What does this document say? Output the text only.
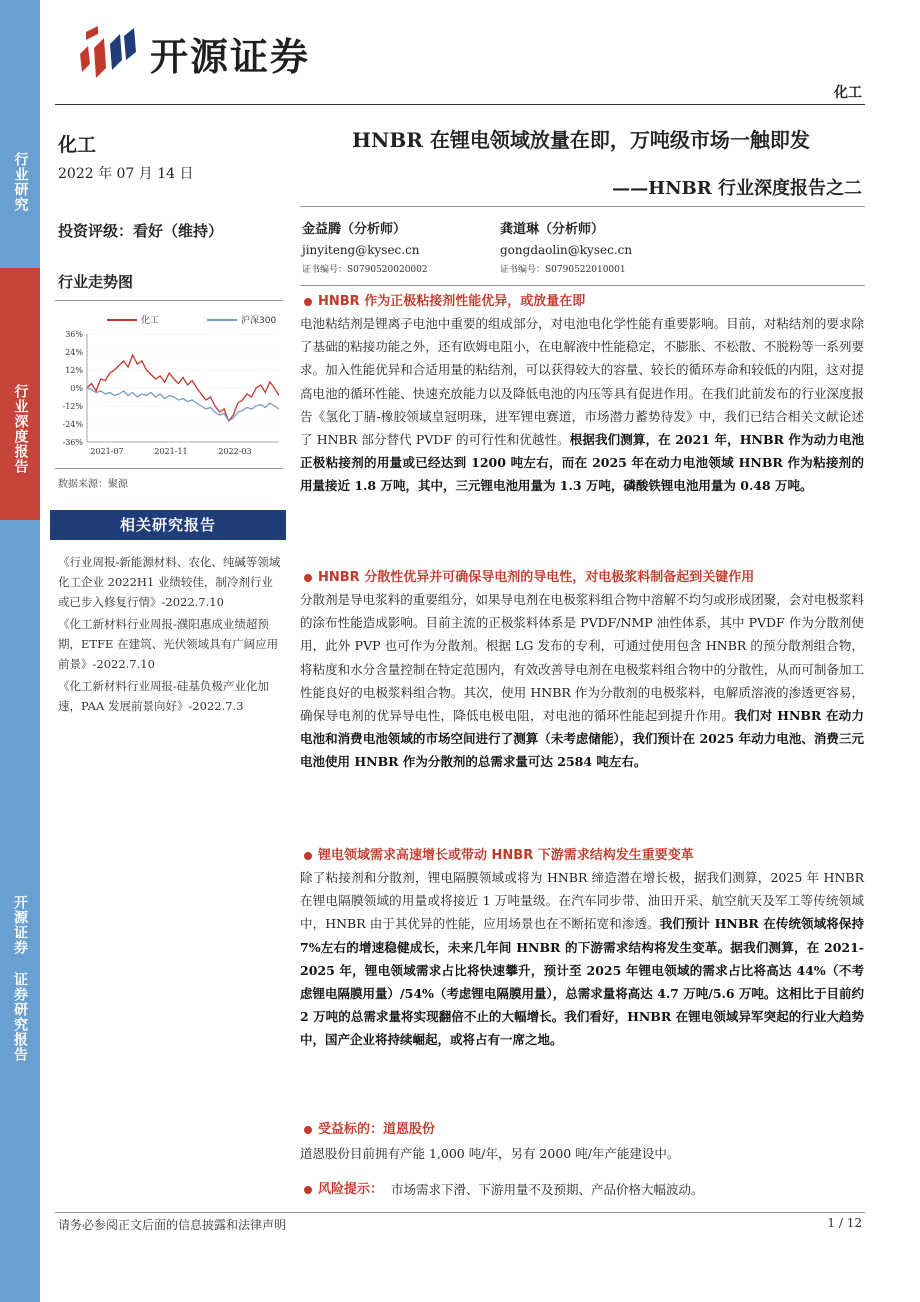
行业研究
行业深度报告
开源证券 证券研究报告
开源证券
化工
化工
2022 年 07 月 14 日
投资评级：看好（维持）
行业走势图
36%
24%
12%
0%
-12%
-24%
-36%
2021-07	2021-11	2022-03
化工	沪深300
数据来源：聚源
相关研究报告
《行业周报-新能源材料、农化、纯碱等领域化工企业 2022H1 业绩较佳，制冷剂行业或已步入修复行情》-2022.7.10
《化工新材料行业周报-濮阳惠成业绩超预期，ETFE 在建筑、光伏领域具有广阔应用前景》-2022.7.10
《化工新材料行业周报-硅基负极产业化加速，PAA 发展前景向好》-2022.7.3
HNBR 在锂电领域放量在即，万吨级市场一触即发
——HNBR 行业深度报告之二
金益腾（分析师）
jinyiteng@kysec.cn
证书编号：S0790520020002
龚道琳（分析师）
gongdaolin@kysec.cn
证书编号：S0790522010001
HNBR 作为正极粘接剂性能优异，或放量在即
电池粘结剂是锂离子电池中重要的组成部分，对电池电化学性能有重要影响。目前，对粘结剂的要求除了基础的粘接功能之外，还有欧姆电阻小，在电解液中性能稳定，不膨胀、不松散、不脱粉等一系列要求。加入性能优异和合适用量的粘结剂，可以获得较大的容量、较长的循环寿命和较低的内阻，这对提高电池的循环性能、快速充放能力以及降低电池的内压等具有促进作用。在我们此前发布的行业深度报告《氢化丁腈-橡胶领域皇冠明珠，进军锂电赛道，市场潜力蓄势待发》中，我们已结合相关文献论述了 HNBR 部分替代 PVDF 的可行性和优越性。根据我们测算，在 2021 年，HNBR 作为动力电池正极粘接剂的用量或已经达到 1200 吨左右，而在 2025 年在动力电池领域 HNBR 作为粘接剂的用量接近 1.8 万吨，其中，三元锂电池用量为 1.3 万吨，磷酸铁锂电池用量为 0.48 万吨。
HNBR 分散性优异并可确保导电剂的导电性，对电极浆料制备起到关键作用
分散剂是导电浆料的重要组分，如果导电剂在电极浆料组合物中溶解不均匀或形成团聚，会对电极浆料的涂布性能造成影响。目前主流的正极浆料体系是 PVDF/NMP 油性体系，其中 PVDF 作为分散剂使用，此外 PVP 也可作为分散剂。根据 LG 发布的专利，可通过使用包含 HNBR 的预分散剂组合物，将粘度和水分含量控制在特定范围内，有效改善导电剂在电极浆料组合物中的分散性，从而可制备加工性能良好的电极浆料组合物。其次，使用 HNBR 作为分散剂的电极浆料，电解质溶液的渗透更容易，确保导电剂的优异导电性，降低电极电阻，对电池的循环性能起到提升作用。我们对 HNBR 在动力电池和消费电池领域的市场空间进行了测算（未考虑储能），我们预计在 2025 年动力电池、消费三元电池使用 HNBR 作为分散剂的总需求量可达 2584 吨左右。
锂电领域需求高速增长或带动 HNBR 下游需求结构发生重要变革
除了粘接剂和分散剂，锂电隔膜领域或将为 HNBR 缔造潜在增长极，据我们测算，2025 年 HNBR 在锂电隔膜领域的用量或将接近 1 万吨量级。在汽车同步带、油田开采、航空航天及军工等传统领域中，HNBR 由于其优异的性能，应用场景也在不断拓宽和渗透。我们预计 HNBR 在传统领域将保持 7%左右的增速稳健成长，未来几年间 HNBR 的下游需求结构将发生变革。据我们测算，在 2021-2025 年，锂电领域需求占比将快速攀升，预计至 2025 年锂电领域的需求占比将高达 44%（不考虑锂电隔膜用量）/54%（考虑锂电隔膜用量），总需求量将高达 4.7 万吨/5.6 万吨。这相比于目前约 2 万吨的总需求量将实现翻倍不止的大幅增长。我们看好，HNBR 在锂电领域异军突起的行业大趋势中，国产企业将持续崛起，或将占有一席之地。
受益标的：道恩股份
道恩股份目前拥有产能 1,000 吨/年，另有 2000 吨/年产能建设中。
风险提示： 市场需求下滑、下游用量不及预期、产品价格大幅波动。
请务必参阅正文后面的信息披露和法律声明	1 / 12
